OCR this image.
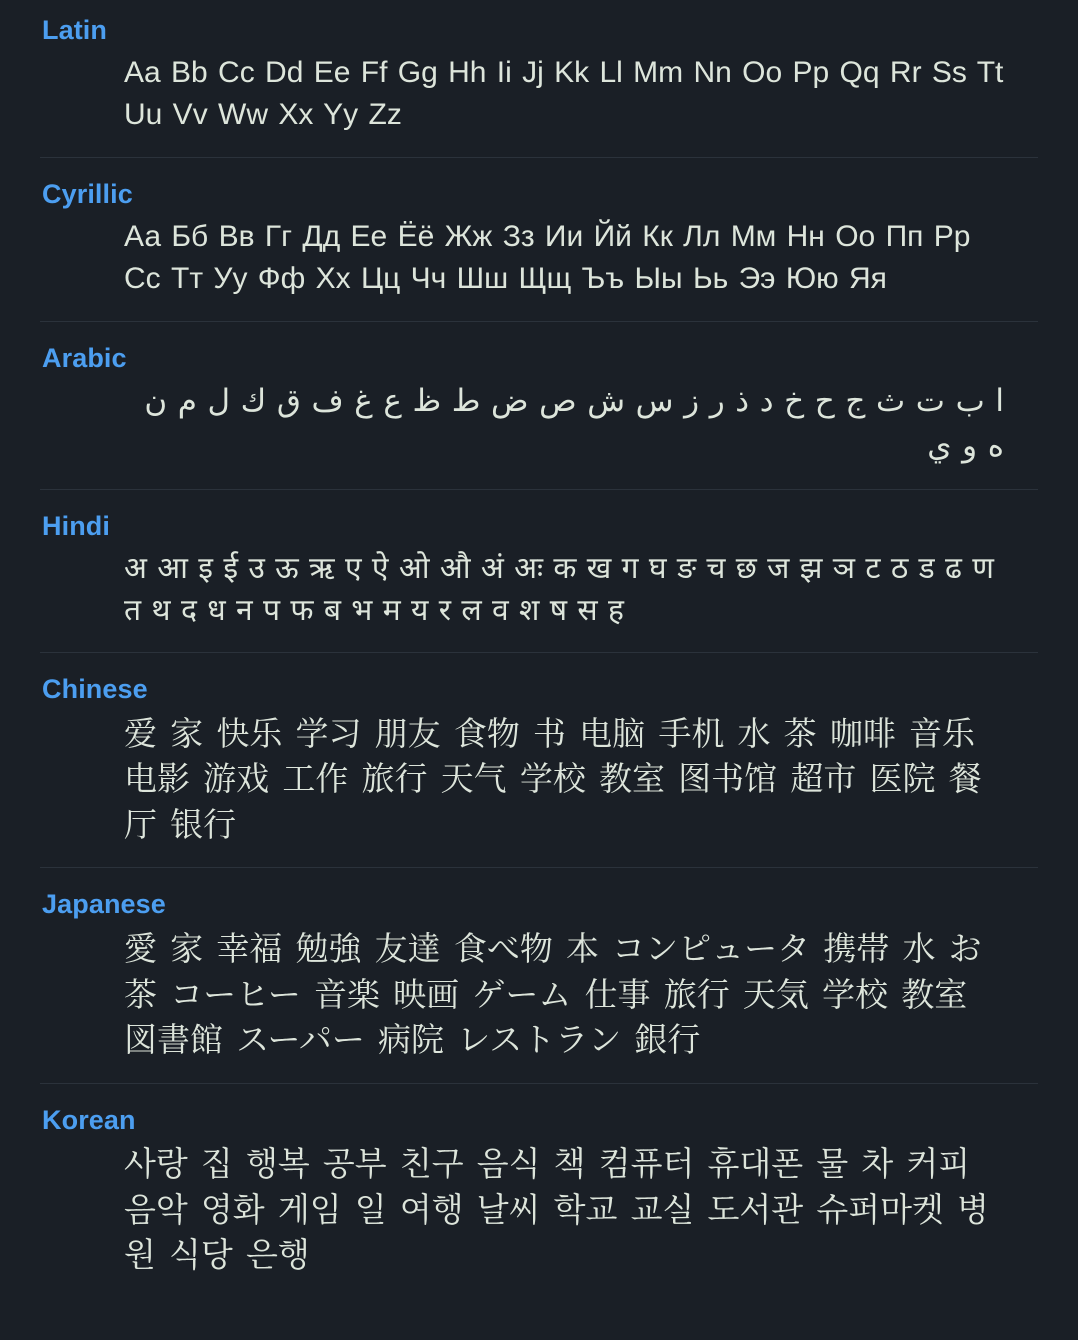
Latin
Aa Bb Cc Dd Ee Ff Gg Hh Ii Jj Kk Ll Mm Nn Oo Pp Qq Rr Ss Tt Uu Vv Ww Xx Yy Zz
Cyrillic
Аа Бб Вв Гг Дд Ее Ёё Жж Зз Ии Йй Кк Лл Мм Нн Оо Пп Рр Сс Тт Уу Фф Хх Цц Чч Шш Щщ Ъъ Ыы Ьь Ээ Юю Яя
Arabic
ا ب ت ث ج ح خ د ذ ر ز س ش ص ض ط ظ ع غ ف ق ك ل م ن ه و ي
Hindi
अ आ इ ई उ ऊ ऋ ए ऐ ओ औ अं अः क ख ग घ ङ च छ ज झ ञ ट ठ ड ढ ण त थ द ध न प फ ब भ म य र ल व श ष स ह
Chinese
爱 家 快乐 学习 朋友 食物 书 电脑 手机 水 茶 咖啡 音乐 电影 游戏 工作 旅行 天气 学校 教室 图书馆 超市 医院 餐厅 银行
Japanese
愛 家 幸福 勉強 友達 食べ物 本 コンピュータ 携帯 水 お茶 コーヒー 音楽 映画 ゲーム 仕事 旅行 天気 学校 教室 図書館 スーパー 病院 レストラン 銀行
Korean
사랑 집 행복 공부 친구 음식 책 컴퓨터 휴대폰 물 차 커피 음악 영화 게임 일 여행 날씨 학교 교실 도서관 슈퍼마켓 병원 식당 은행
